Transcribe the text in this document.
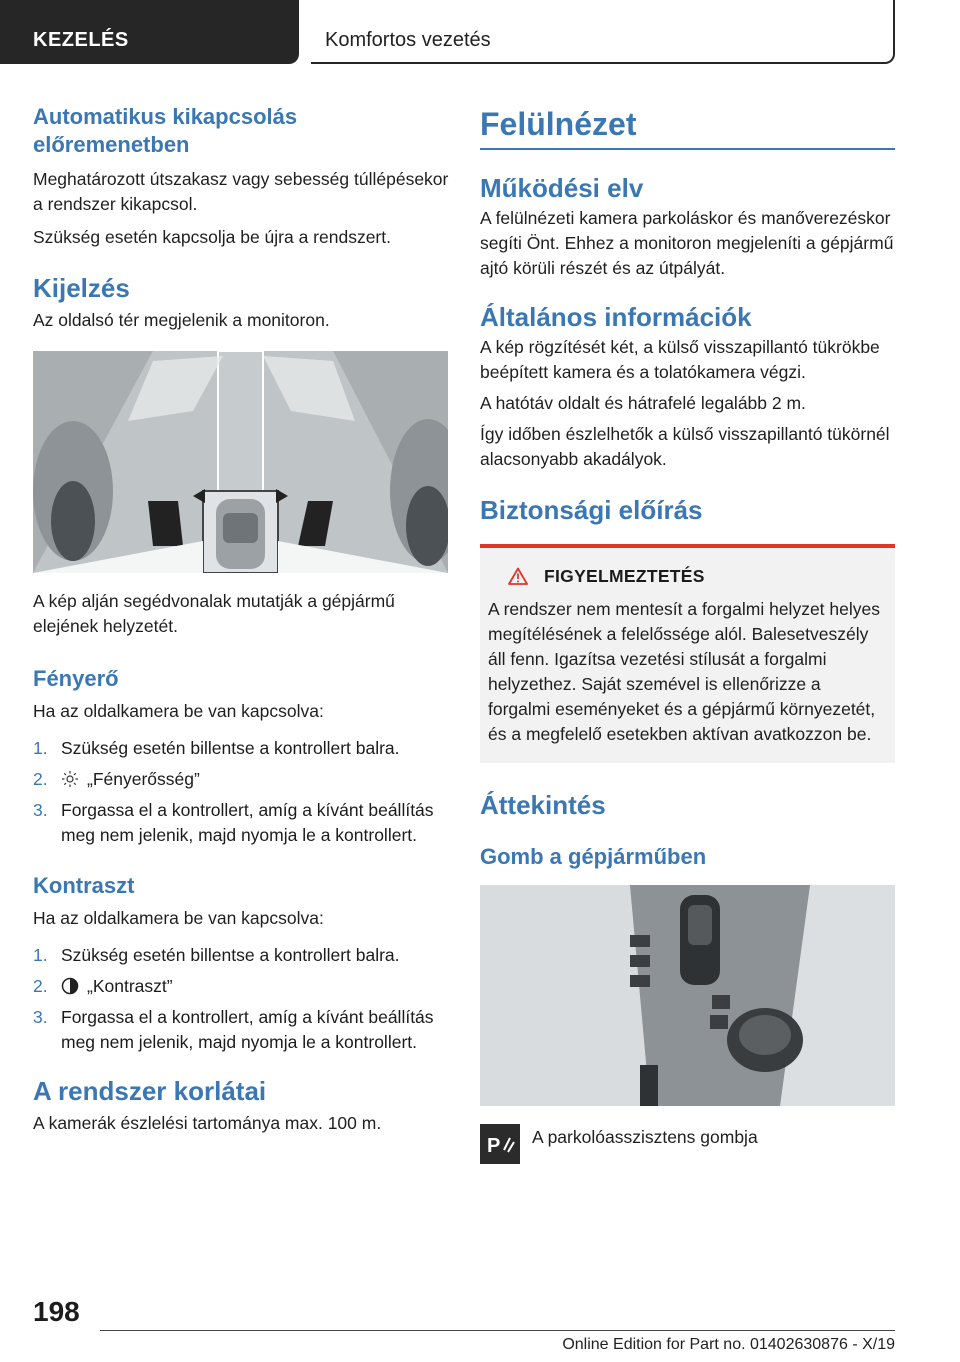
KEZELÉS	Komfortos vezetés
Automatikus kikapcsolás előremenetben

Meghatározott útszakasz vagy sebesség túllépésekor a rendszer kikapcsol.

Szükség esetén kapcsolja be újra a rendszert.

Kijelzés

Az oldalsó tér megjelenik a monitoron.

A kép alján segédvonalak mutatják a gépjármű elejének helyzetét.

Fényerő

Ha az oldalkamera be van kapcsolva:

1. Szükség esetén billentse a kontrollert balra.
2. „Fényerősség”
3. Forgassa el a kontrollert, amíg a kívánt beállítás meg nem jelenik, majd nyomja le a kontrollert.
Kontraszt

Ha az oldalkamera be van kapcsolva:

1. Szükség esetén billentse a kontrollert balra.
2. „Kontraszt”
3. Forgassa el a kontrollert, amíg a kívánt beállítás meg nem jelenik, majd nyomja le a kontrollert.
A rendszer korlátai

A kamerák észlelési tartománya max. 100 m.

Felülnézet
Működési elv

A felülnézeti kamera parkoláskor és manőverezéskor segíti Önt. Ehhez a monitoron megjeleníti a gépjármű ajtó körüli részét és az útpályát.

Általános információk

A kép rögzítését két, a külső visszapillantó tükrökbe beépített kamera és a tolatókamera végzi.

A hatótáv oldalt és hátrafelé legalább 2 m.

Így időben észlelhetők a külső visszapillantó tükörnél alacsonyabb akadályok.

Biztonsági előírás
FIGYELMEZTETÉS

A rendszer nem mentesít a forgalmi helyzet helyes megítélésének a felelőssége alól. Balesetveszély áll fenn. Igazítsa vezetési stílusát a forgalmi helyzethez. Saját szemével is ellenőrizze a forgalmi eseményeket és a gépjármű környezetét, és a megfelelő esetekben aktívan avatkozzon be.

Áttekintés
Gomb a gépjárműben
P A parkolóasszisztens gombja

198
Online Edition for Part no. 01402630876 - X/19
